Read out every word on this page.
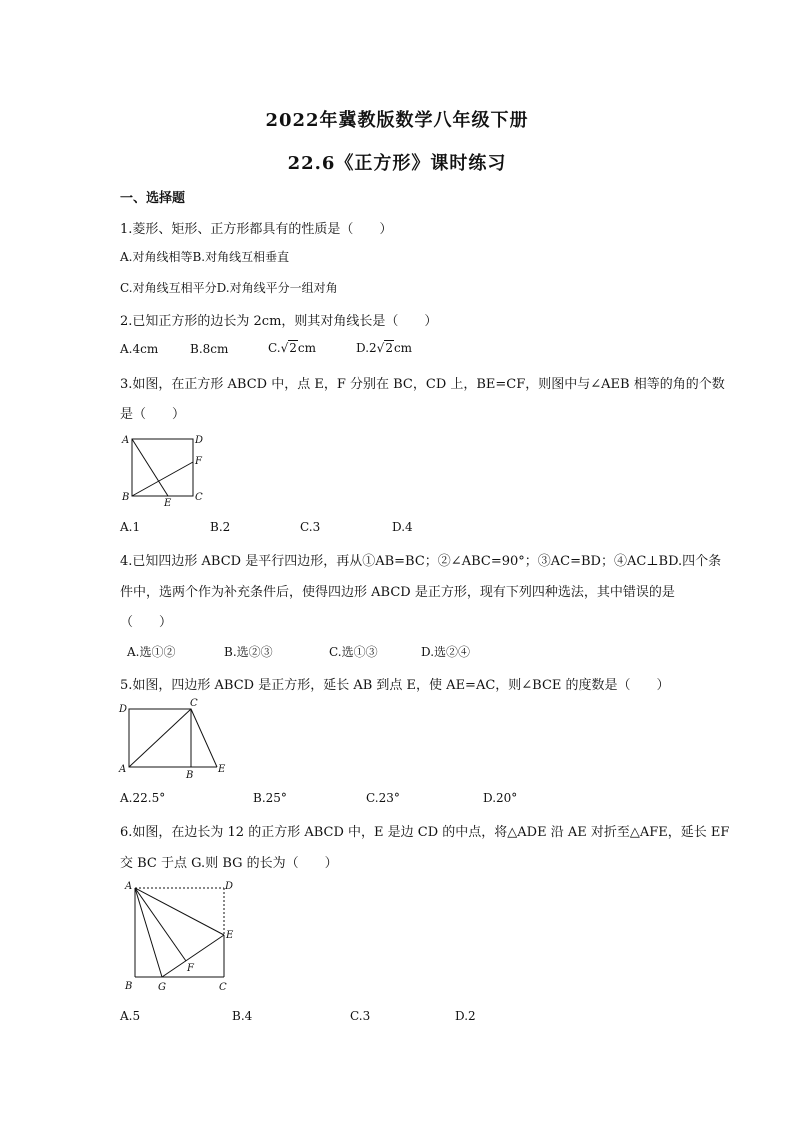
2022年冀教版数学八年级下册
22.6《正方形》课时练习
一、选择题
1.菱形、矩形、正方形都具有的性质是（　　）
A.对角线相等B.对角线互相垂直
C.对角线互相平分D.对角线平分一组对角
2.已知正方形的边长为 2cm，则其对角线长是（　　）
A.4cm	B.8cm	C.√2cm	D.2√2cm
3.如图，在正方形 ABCD 中，点 E，F 分别在 BC，CD 上，BE=CF，则图中与∠AEB 相等的角的个数
是（　　）
A	D
F
B	C
E
A.1	B.2	C.3	D.4
4.已知四边形 ABCD 是平行四边形，再从①AB=BC；②∠ABC=90°；③AC=BD；④AC⊥BD.四个条
件中，选两个作为补充条件后，使得四边形 ABCD 是正方形，现有下列四种选法，其中错误的是
（　　）
A.选①②	B.选②③	C.选①③	D.选②④
5.如图，四边形 ABCD 是正方形，延长 AB 到点 E，使 AE=AC，则∠BCE 的度数是（　　）
D
C
A
B
E
A.22.5°	B.25°	C.23°	D.20°
6.如图，在边长为 12 的正方形 ABCD 中，E 是边 CD 的中点，将△ADE 沿 AE 对折至△AFE，延长 EF
交 BC 于点 G.则 BG 的长为（　　）
A	D
E
F
B	G	C
A.5	B.4	C.3	D.2
